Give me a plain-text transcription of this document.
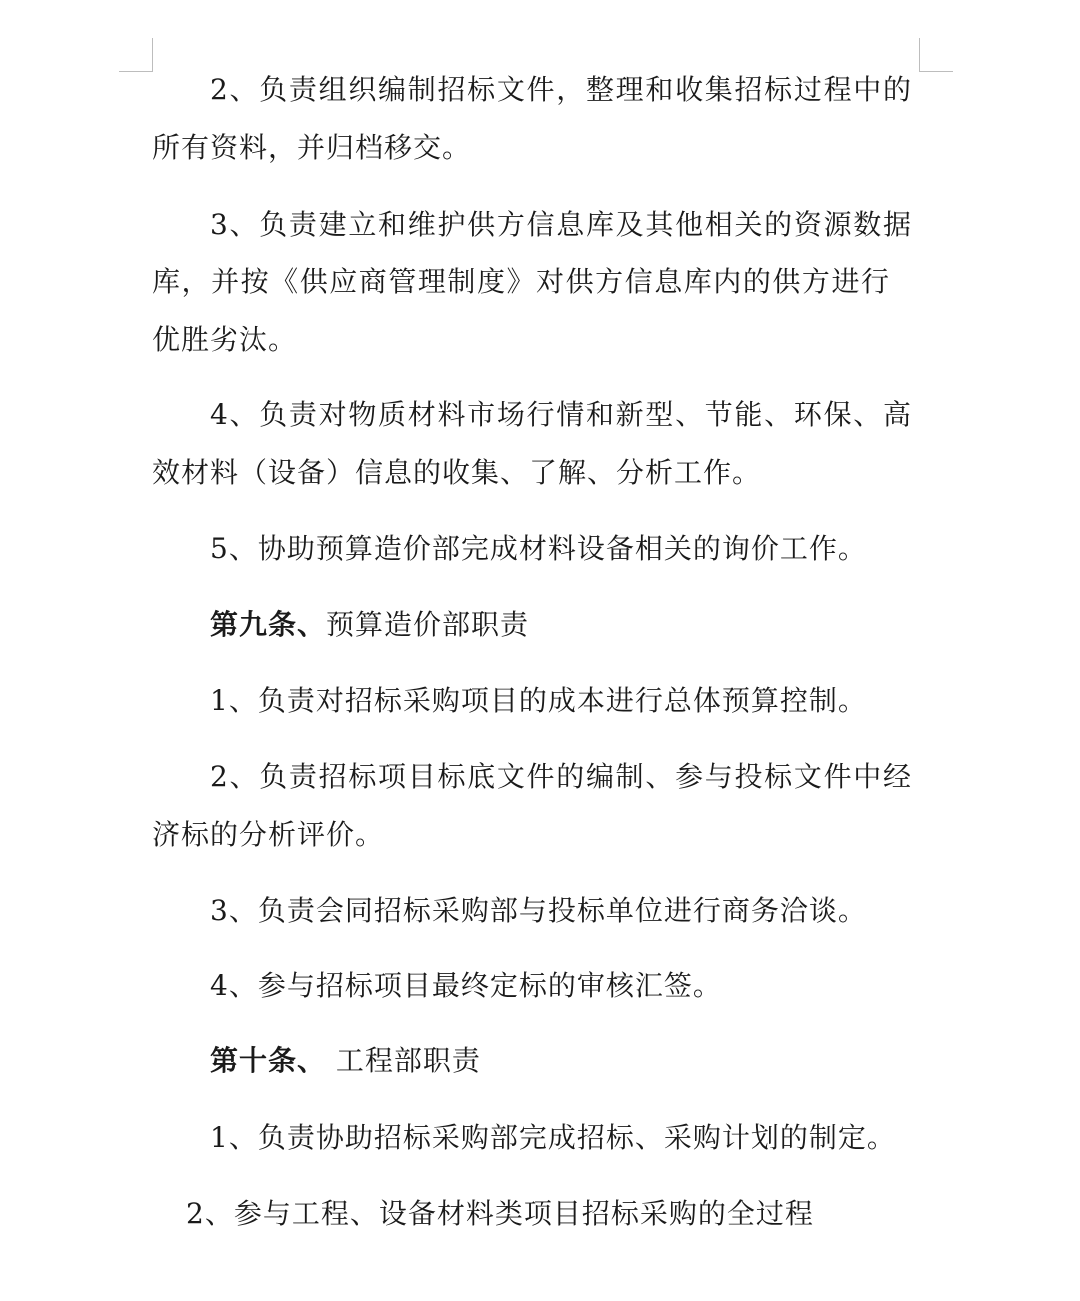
2、负责组织编制招标文件，整理和收集招标过程中的
所有资料，并归档移交。
3、负责建立和维护供方信息库及其他相关的资源数据
库，并按《供应商管理制度》对供方信息库内的供方进行
优胜劣汰。
4、负责对物质材料市场行情和新型、节能、环保、高
效材料（设备）信息的收集、了解、分析工作。
5、协助预算造价部完成材料设备相关的询价工作。
第九条、预算造价部职责
1、负责对招标采购项目的成本进行总体预算控制。
2、负责招标项目标底文件的编制、参与投标文件中经
济标的分析评价。
3、负责会同招标采购部与投标单位进行商务洽谈。
4、参与招标项目最终定标的审核汇签。
第十条、 工程部职责
1、负责协助招标采购部完成招标、采购计划的制定。
2、参与工程、设备材料类项目招标采购的全过程
